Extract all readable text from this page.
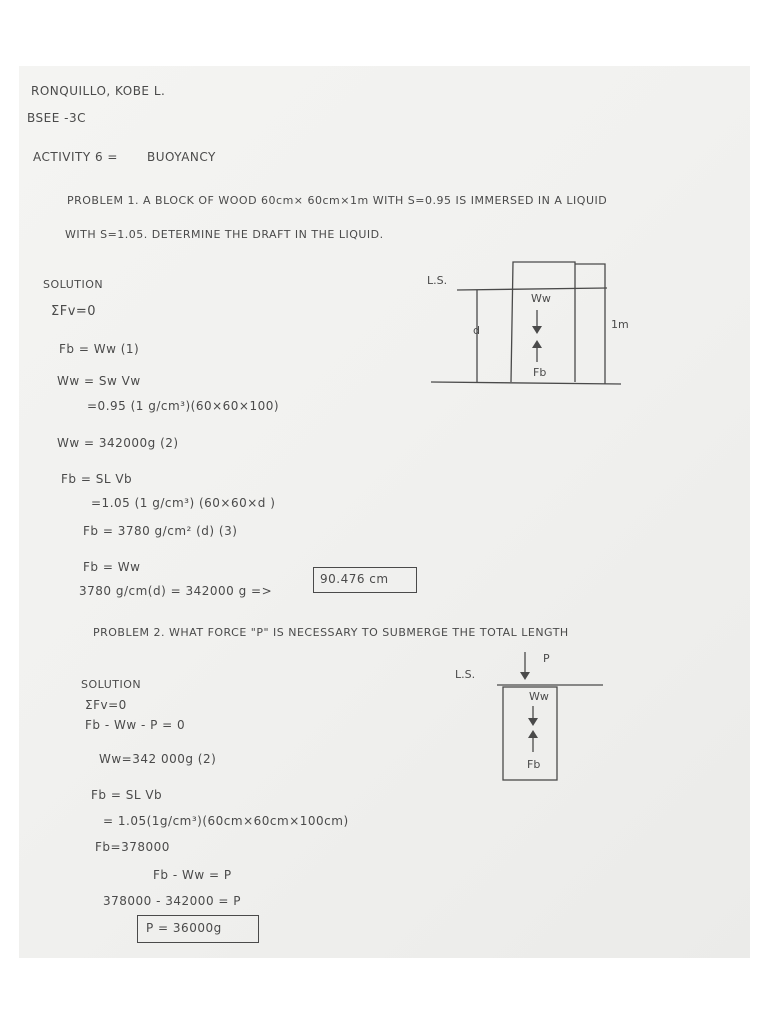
RONQUILLO, KOBE L.
BSEE -3C
ACTIVITY 6 = BUOYANCY
PROBLEM 1. A BLOCK OF WOOD 60cm× 60cm×1m WITH S=0.95 IS IMMERSED IN A LIQUID
WITH S=1.05. DETERMINE THE DRAFT IN THE LIQUID.
SOLUTION
ΣFv=0
Fb = Ww (1)
Ww = Sw Vw
=0.95 (1 g/cm³)(60×60×100)
Ww = 342000g (2)
Fb = SL Vb
=1.05 (1 g/cm³) (60×60×d )
Fb = 3780 g/cm² (d) (3)
Fb = Ww
3780 g/cm(d) = 342000 g =>
90.476 cm
PROBLEM 2. WHAT FORCE "P" IS NECESSARY TO SUBMERGE THE TOTAL LENGTH
SOLUTION
ΣFv=0
Fb - Ww - P = 0
Ww=342 000g (2)
Fb = SL Vb
= 1.05(1g/cm³)(60cm×60cm×100cm)
Fb=378000
Fb - Ww = P
378000 - 342000 = P
P = 36000g
L.S.
d	1m
Ww
Fb
L.S.
P
Ww
Fb
